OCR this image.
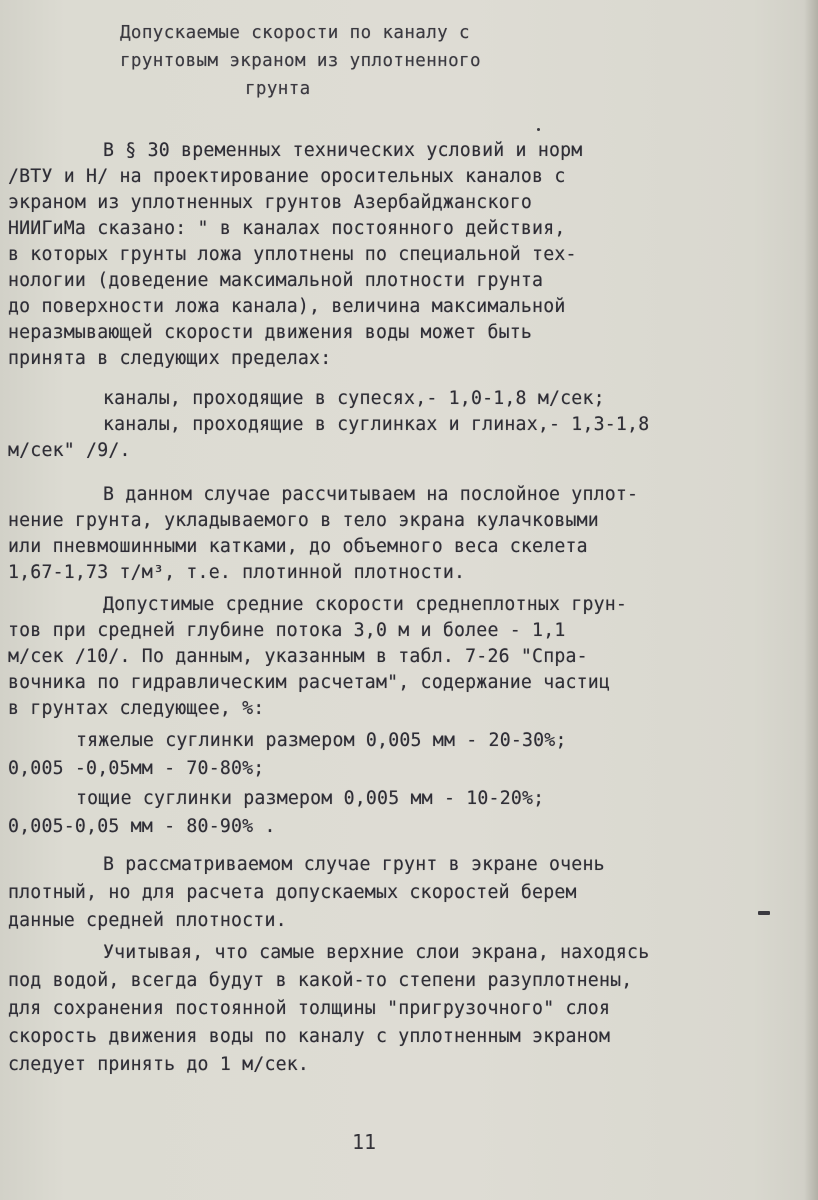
Допускаемые скорости по каналу с
грунтовым экраном из уплотненного
грунта
В § 30 временных технических условий и норм
/ВТУ и Н/ на проектирование оросительных каналов с
экраном из уплотненных грунтов Азербайджанского
НИИГиМа сказано: " в каналах постоянного действия,
в которых грунты ложа уплотнены по специальной тех-
нологии (доведение максимальной плотности грунта
до поверхности ложа канала), величина максимальной
неразмывающей скорости движения воды может быть
принята в следующих пределах:
каналы, проходящие в супесях,- 1,0-1,8 м/сек;
каналы, проходящие в суглинках и глинах,- 1,3-1,8
м/сек" /9/.
В данном случае рассчитываем на послойное уплот-
нение грунта, укладываемого в тело экрана кулачковыми
или пневмошинными катками, до объемного веса скелета
1,67-1,73 т/м³, т.е. плотинной плотности.
Допустимые средние скорости среднеплотных грун-
тов при средней глубине потока 3,0 м и более - 1,1
м/сек /10/. По данным, указанным в табл. 7-26 "Спра-
вочника по гидравлическим расчетам", содержание частиц
в грунтах следующее, %:
тяжелые суглинки размером 0,005 мм - 20-30%;
0,005 -0,05мм - 70-80%;
тощие суглинки размером 0,005 мм - 10-20%;
0,005-0,05 мм - 80-90% .
В рассматриваемом случае грунт в экране очень
плотный, но для расчета допускаемых скоростей берем
данные средней плотности.
Учитывая, что самые верхние слои экрана, находясь
под водой, всегда будут в какой-то степени разуплотнены,
для сохранения постоянной толщины "пригрузочного" слоя
скорость движения воды по каналу с уплотненным экраном
следует принять до 1 м/сек.
11
